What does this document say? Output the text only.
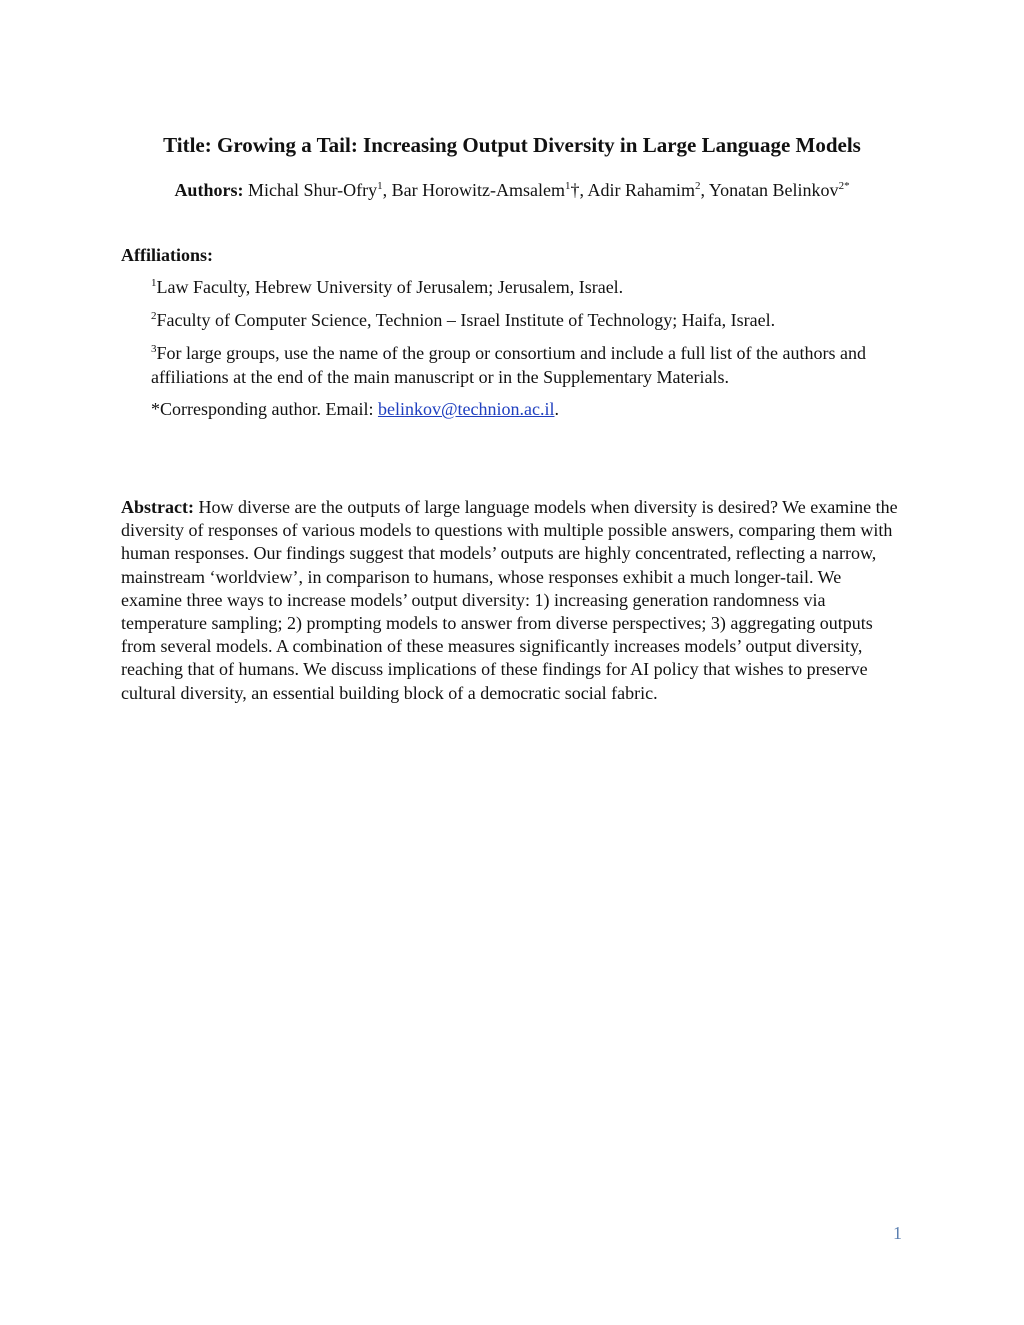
Title: Growing a Tail: Increasing Output Diversity in Large Language Models
Authors: Michal Shur-Ofry$^1$, Bar Horowitz-Amsalem$^1$†, Adir Rahamim$^2$, Yonatan Belinkov$^{2*}$
Affiliations:
$^1$Law Faculty, Hebrew University of Jerusalem; Jerusalem, Israel.
$^2$Faculty of Computer Science, Technion – Israel Institute of Technology; Haifa, Israel.
$^3$For large groups, use the name of the group or consortium and include a full list of the authors and affiliations at the end of the main manuscript or in the Supplementary Materials.
*Corresponding author. Email: belinkov@technion.ac.il.
Abstract: How diverse are the outputs of large language models when diversity is desired? We examine the diversity of responses of various models to questions with multiple possible answers, comparing them with human responses. Our findings suggest that models’ outputs are highly concentrated, reflecting a narrow, mainstream ‘worldview’, in comparison to humans, whose responses exhibit a much longer-tail. We examine three ways to increase models’ output diversity: 1) increasing generation randomness via temperature sampling; 2) prompting models to answer from diverse perspectives; 3) aggregating outputs from several models. A combination of these measures significantly increases models’ output diversity, reaching that of humans. We discuss implications of these findings for AI policy that wishes to preserve cultural diversity, an essential building block of a democratic social fabric.
1
